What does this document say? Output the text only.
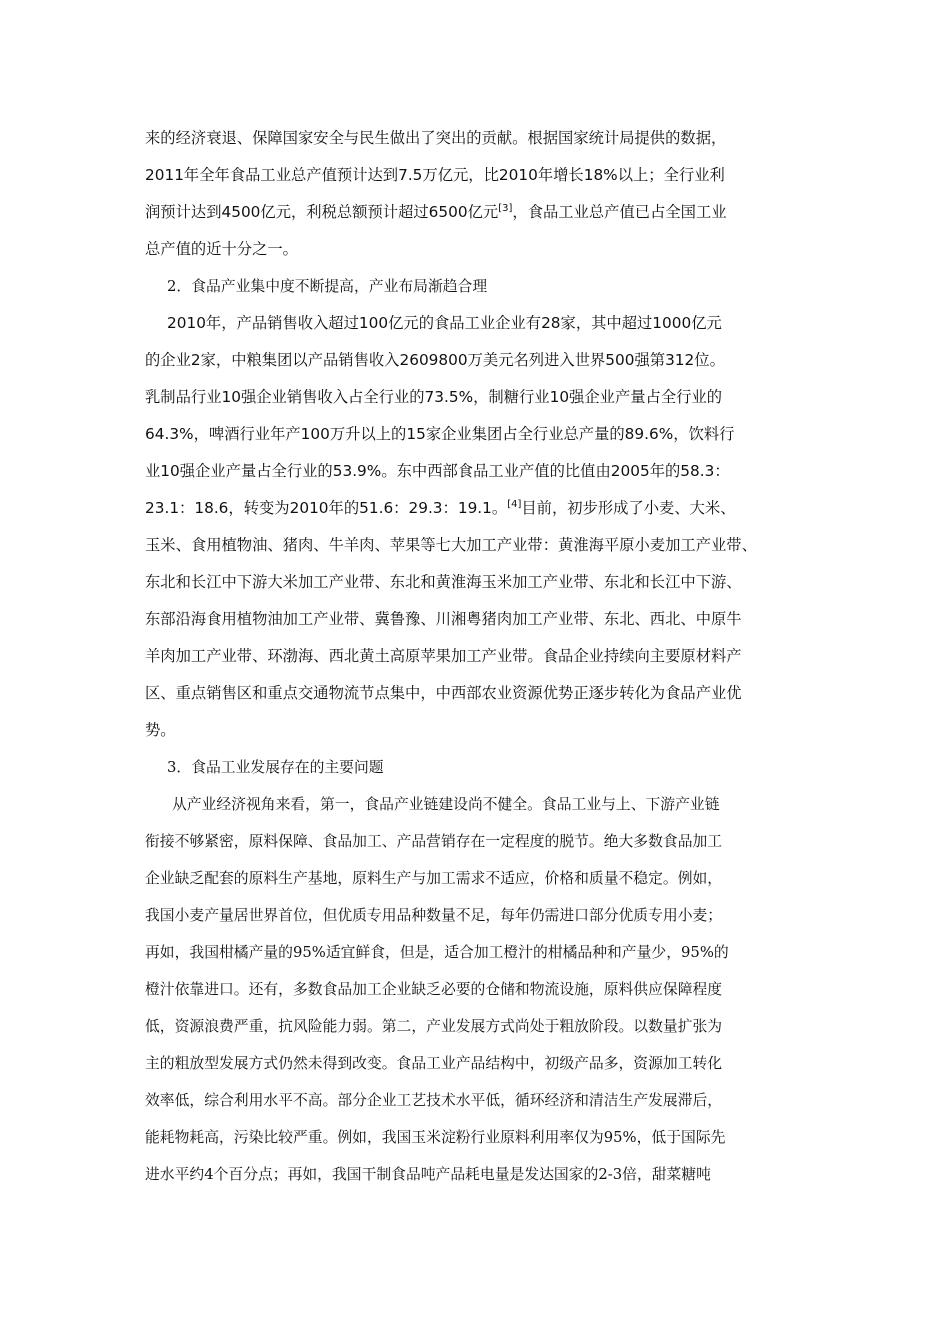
来的经济衰退、保障国家安全与民生做出了突出的贡献。根据国家统计局提供的数据，
2011年全年食品工业总产值预计达到7.5万亿元，比2010年增长18%以上；全行业利
润预计达到4500亿元，利税总额预计超过6500亿元[3]，食品工业总产值已占全国工业
总产值的近十分之一。
2．食品产业集中度不断提高，产业布局渐趋合理
2010年，产品销售收入超过100亿元的食品工业企业有28家，其中超过1000亿元
的企业2家，中粮集团以产品销售收入2609800万美元名列进入世界500强第312位。
乳制品行业10强企业销售收入占全行业的73.5%，制糖行业10强企业产量占全行业的
64.3%，啤酒行业年产100万升以上的15家企业集团占全行业总产量的89.6%，饮料行
业10强企业产量占全行业的53.9%。东中西部食品工业产值的比值由2005年的58.3：
23.1：18.6，转变为2010年的51.6：29.3：19.1。[4]目前，初步形成了小麦、大米、
玉米、食用植物油、猪肉、牛羊肉、苹果等七大加工产业带：黄淮海平原小麦加工产业带、
东北和长江中下游大米加工产业带、东北和黄淮海玉米加工产业带、东北和长江中下游、
东部沿海食用植物油加工产业带、冀鲁豫、川湘粤猪肉加工产业带、东北、西北、中原牛
羊肉加工产业带、环渤海、西北黄土高原苹果加工产业带。食品企业持续向主要原材料产
区、重点销售区和重点交通物流节点集中，中西部农业资源优势正逐步转化为食品产业优
势。
3．食品工业发展存在的主要问题
从产业经济视角来看，第一，食品产业链建设尚不健全。食品工业与上、下游产业链
衔接不够紧密，原料保障、食品加工、产品营销存在一定程度的脱节。绝大多数食品加工
企业缺乏配套的原料生产基地，原料生产与加工需求不适应，价格和质量不稳定。例如，
我国小麦产量居世界首位，但优质专用品种数量不足，每年仍需进口部分优质专用小麦；
再如，我国柑橘产量的95%适宜鲜食，但是，适合加工橙汁的柑橘品种和产量少，95%的
橙汁依靠进口。还有，多数食品加工企业缺乏必要的仓储和物流设施，原料供应保障程度
低，资源浪费严重，抗风险能力弱。第二，产业发展方式尚处于粗放阶段。以数量扩张为
主的粗放型发展方式仍然未得到改变。食品工业产品结构中，初级产品多，资源加工转化
效率低，综合利用水平不高。部分企业工艺技术水平低，循环经济和清洁生产发展滞后，
能耗物耗高，污染比较严重。例如，我国玉米淀粉行业原料利用率仅为95%，低于国际先
进水平约4个百分点；再如，我国干制食品吨产品耗电量是发达国家的2-3倍，甜菜糖吨
